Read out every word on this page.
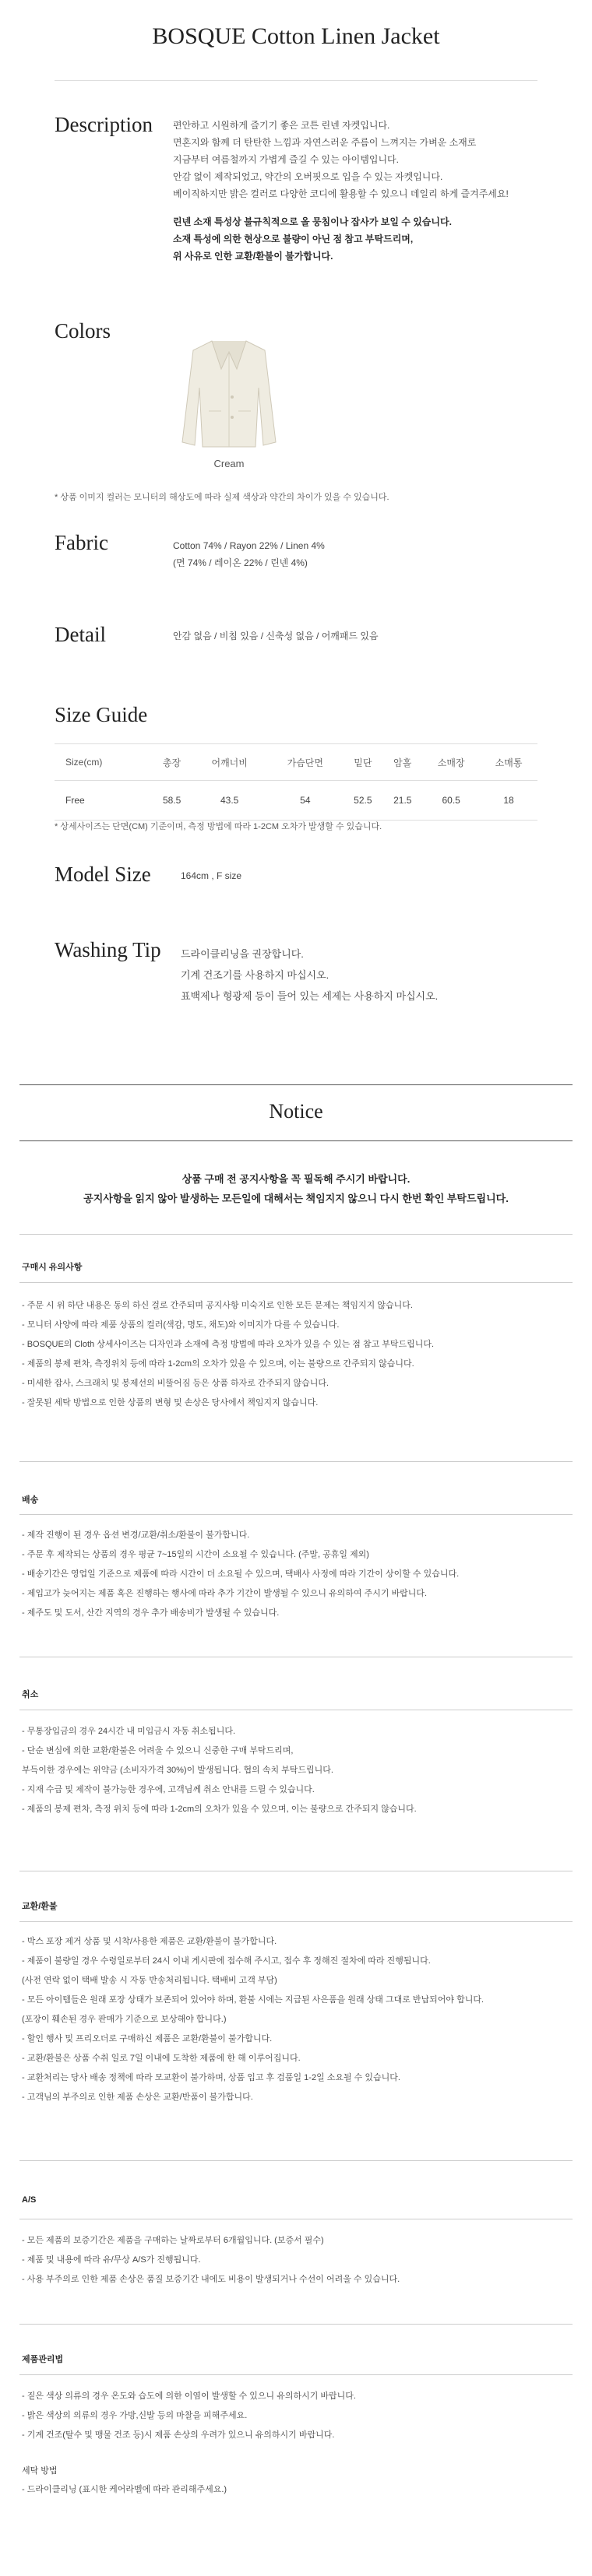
BOSQUE Cotton Linen Jacket
Description 편안하고 시원하게 즐기기 좋은 코튼 린넨 자켓입니다.

면혼지와 함께 더 탄탄한 느낌과 자연스러운 주름이 느껴지는 가벼운 소재로

지금부터 여름철까지 가볍게 즐길 수 있는 아이템입니다.

안감 없이 제작되었고, 약간의 오버핏으로 입을 수 있는 자켓입니다.

베이직하지만 밝은 컬러로 다양한 코디에 활용할 수 있으니 데일리 하게 즐겨주세요!

린넨 소재 특성상 불규칙적으로 올 뭉침이나 잡사가 보일 수 있습니다.

소재 특성에 의한 현상으로 불량이 아닌 점 참고 부탁드리며,

위 사유로 인한 교환/환불이 불가합니다.

Colors
Cream
* 상품 이미지 컬러는 모니터의 해상도에 따라 실제 색상과 약간의 차이가 있을 수 있습니다.
Fabric	Cotton 74% / Rayon 22% / Linen 4%

(면 74% / 레이온 22% / 린넨 4%)

Detail	안감 없음 / 비침 있음 / 신축성 없음 / 어깨패드 있음
Size Guide
Size(cm)	총장	어깨너비	가슴단면	밑단	암홀	소매장	소매통
Free	58.5	43.5	54	52.5	21.5	60.5	18
* 상세사이즈는 단면(CM) 기준이며, 측정 방법에 따라 1-2CM 오차가 발생할 수 있습니다.
Model Size	164cm , F size
Washing Tip 드라이클리닝을 권장합니다.

기계 건조기를 사용하지 마십시오.

표백제나 형광제 등이 들어 있는 세제는 사용하지 마십시오.

Notice
상품 구매 전 공지사항을 꼭 필독해 주시기 바랍니다.
공지사항을 읽지 않아 발생하는 모든일에 대해서는 책임지지 않으니 다시 한번 확인 부탁드립니다.
구매시 유의사항
- 주문 시 위 하단 내용은 동의 하신 걸로 간주되며 공지사항 미숙지로 인한 모든 문제는 책임지지 않습니다.
- 모니터 사양에 따라 제품 상품의 컬러(색감, 명도, 채도)와 이미지가 다를 수 있습니다.
- BOSQUE의 Cloth 상세사이즈는 디자인과 소재에 측정 방법에 따라 오차가 있을 수 있는 점 참고 부탁드립니다.
- 제품의 봉제 편차, 측정위치 등에 따라 1-2cm의 오차가 있을 수 있으며, 이는 불량으로 간주되지 않습니다.
- 미세한 잡사, 스크래치 및 봉제선의 비뚤어짐 등은 상품 하자로 간주되지 않습니다.
- 잘못된 세탁 방법으로 인한 상품의 변형 및 손상은 당사에서 책임지지 않습니다.
배송
- 제작 진행이 된 경우 옵션 변경/교환/취소/환불이 불가합니다.
- 주문 후 제작되는 상품의 경우 평균 7~15일의 시간이 소요될 수 있습니다. (주말, 공휴일 제외)
- 배송기간은 영업일 기준으로 제품에 따라 시간이 더 소요될 수 있으며, 택배사 사정에 따라 기간이 상이할 수 있습니다.
- 제입고가 늦어지는 제품 혹은 진행하는 행사에 따라 추가 기간이 발생될 수 있으니 유의하여 주시기 바랍니다.
- 제주도 및 도서, 산간 지역의 경우 추가 배송비가 발생될 수 있습니다.
취소
- 무통장입금의 경우 24시간 내 미입금시 자동 취소됩니다.
- 단순 변심에 의한 교환/환불은 어려울 수 있으니 신중한 구매 부탁드리며,
부득이한 경우에는 위약금 (소비자가격 30%)이 발생됩니다. 협의 속치 부탁드립니다.
- 지재 수급 및 제작이 불가능한 경우에, 고객님께 취소 안내를 드릴 수 있습니다.
- 제품의 봉제 편차, 측정 위치 등에 따라 1-2cm의 오차가 있을 수 있으며, 이는 불량으로 간주되지 않습니다.
교환/환불
- 박스 포장 제거 상품 및 시착/사용한 제품은 교환/환불이 불가합니다.
- 제품이 불량일 경우 수령일로부터 24시 이내 게시판에 접수해 주시고, 접수 후 정해진 절차에 따라 진행됩니다.
(사전 연락 없이 택배 발송 시 자동 반송처리됩니다. 택배비 고객 부담)
- 모든 아이템들은 원래 포장 상태가 보존되어 있어야 하며, 환불 시에는 지급된 사은품을 원래 상태 그대로 반납되어야 합니다.
(포장이 훼손된 경우 판매가 기준으로 보상해야 합니다.)
- 할인 행사 및 프리오더로 구매하신 제품은 교환/환불이 불가합니다.
- 교환/환불은 상품 수취 일로 7일 이내에 도착한 제품에 한 해 이루어집니다.
- 교환처리는 당사 배송 정책에 따라 모교환이 불가하며, 상품 입고 후 검품일 1-2일 소요될 수 있습니다.
- 고객님의 부주의로 인한 제품 손상은 교환/반품이 불가합니다.
A/S
- 모든 제품의 보증기간은 제품을 구매하는 날짜로부터 6개월입니다. (보증서 필수)
- 제품 및 내용에 따라 유/무상 A/S가 진행됩니다.
- 사용 부주의로 인한 제품 손상은 품질 보증기간 내에도 비용이 발생되거나 수선이 어려울 수 있습니다.
제품관리법
- 짙은 색상 의류의 경우 온도와 습도에 의한 이염이 발생할 수 있으니 유의하시기 바랍니다.
- 밝은 색상의 의류의 경우 가방,신발 등의 마찰을 피해주세요.
- 기계 건조(탈수 및 맹물 건조 등)시 제품 손상의 우려가 있으니 유의하시기 바랍니다.
세탁 방법
- 드라이클리닝 (표시한 케어라벨에 따라 관리해주세요.)
